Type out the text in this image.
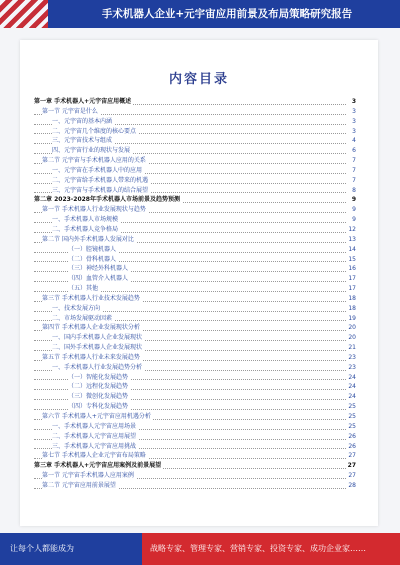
手术机器人企业+元宇宙应用前景及布局策略研究报告
内容目录
第一章 手术机器人+元宇宙应用概述	3
第一节 元宇宙是什么	3
一、元宇宙的基本内涵	3
二、元宇宙几个维度的核心要点	3
三、元宇宙技术与组成	4
四、元宇宙行业的现状与发展	6
第二节 元宇宙与手术机器人应用的关系	7
一、元宇宙在手术机器人中的应用	7
二、元宇宙给手术机器人带来的机遇	7
三、元宇宙与手术机器人的结合展望	8
第二章 2023-2028年手术机器人市场前景及趋势预测	9
第一节 手术机器人行业发展现状与趋势	9
一、手术机器人市场规模	9
二、手术机器人竞争格局	12
第二节 国内外手术机器人发展对比	13
（一）腔镜机器人	14
（二）骨科机器人	15
（三）神经外科机器人	16
（四）血管介入机器人	17
（五）其他	17
第三节 手术机器人行业技术发展趋势	18
一、技术发展方向	18
二、市场发展驱动因素	19
第四节 手术机器人企业发展现状分析	20
一、国内手术机器人企业发展现状	20
二、国外手术机器人企业发展现状	21
第五节 手术机器人行业未来发展趋势	23
一、手术机器人行业发展趋势分析	23
（一）智能化发展趋势	24
（二）远程化发展趋势	24
（三）微创化发展趋势	24
（四）专科化发展趋势	25
第六节 手术机器人+元宇宙应用机遇分析	25
一、手术机器人元宇宙应用场景	25
二、手术机器人元宇宙应用展望	26
三、手术机器人元宇宙应用挑战	26
第七节 手术机器人企业元宇宙布局策略	27
第三章 手术机器人+元宇宙应用案例及前景展望	27
第一节 元宇宙手术机器人应用案例	27
第二节 元宇宙应用前景展望	28
让每个人都能成为	战略专家、管理专家、营销专家、投资专家、成功企业家……
